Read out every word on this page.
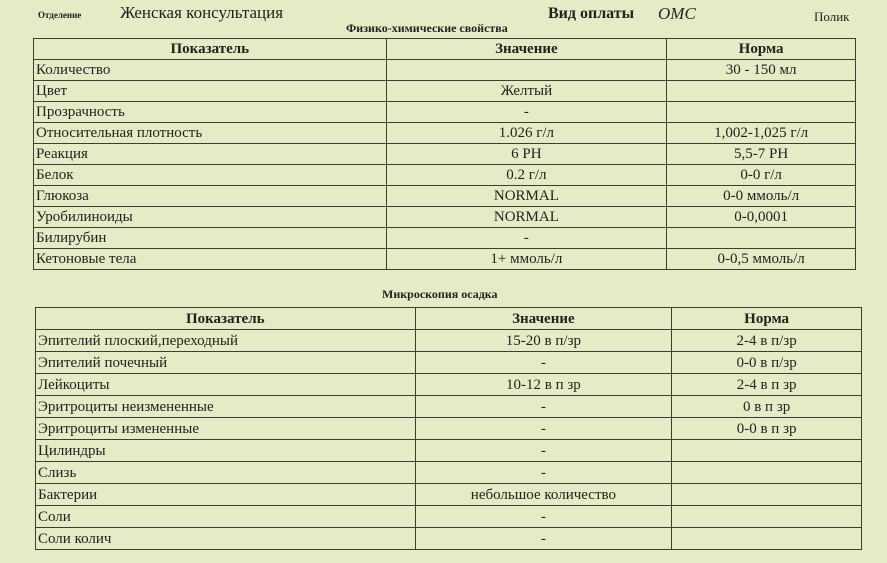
Отделение Женская консультация	Вид оплаты ОМС	Полик
Физико-химические свойства
Показатель	Значение	Норма
Количество		30 - 150 мл
Цвет	Желтый	
Прозрачность	-	
Относительная плотность	1.026 г/л	1,002-1,025 г/л
Реакция	6 PH	5,5-7 PH
Белок	0.2 г/л	0-0 г/л
Глюкоза	NORMAL	0-0 ммоль/л
Уробилиноиды	NORMAL	0-0,0001
Билирубин	-	
Кетоновые тела	1+ ммоль/л	0-0,5 ммоль/л
Микроскопия осадка
Показатель	Значение	Норма
Эпителий плоский,переходный	15-20 в п/зр	2-4 в п/зр
Эпителий почечный	-	0-0 в п/зр
Лейкоциты	10-12 в п зр	2-4 в п зр
Эритроциты неизмененные	-	0 в п зр
Эритроциты измененные	-	0-0 в п зр
Цилиндры	-	
Слизь	-	
Бактерии	небольшое количество	
Соли	-	
Соли колич	-	
